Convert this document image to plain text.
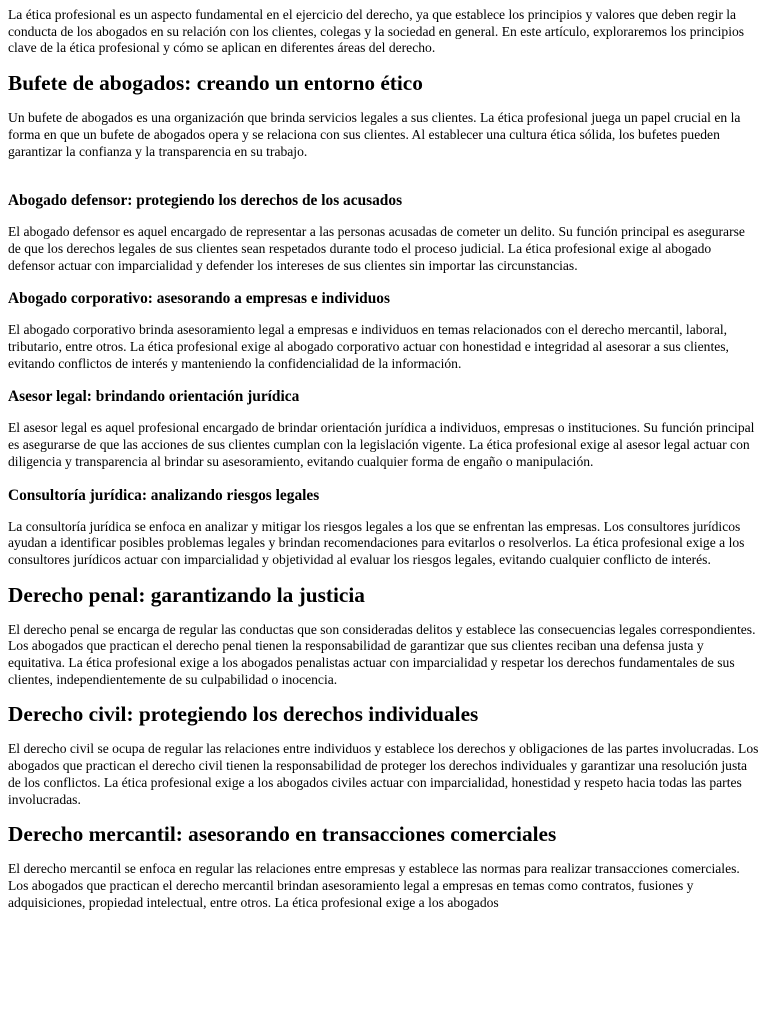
La ética profesional es un aspecto fundamental en el ejercicio del derecho, ya que establece los principios y valores que deben regir la conducta de los abogados en su relación con los clientes, colegas y la sociedad en general. En este artículo, exploraremos los principios clave de la ética profesional y cómo se aplican en diferentes áreas del derecho.

Bufete de abogados: creando un entorno ético

Un bufete de abogados es una organización que brinda servicios legales a sus clientes. La ética profesional juega un papel crucial en la forma en que un bufete de abogados opera y se relaciona con sus clientes. Al establecer una cultura ética sólida, los bufetes pueden garantizar la confianza y la transparencia en su trabajo.

Abogado defensor: protegiendo los derechos de los acusados

El abogado defensor es aquel encargado de representar a las personas acusadas de cometer un delito. Su función principal es asegurarse de que los derechos legales de sus clientes sean respetados durante todo el proceso judicial. La ética profesional exige al abogado defensor actuar con imparcialidad y defender los intereses de sus clientes sin importar las circunstancias.

Abogado corporativo: asesorando a empresas e individuos

El abogado corporativo brinda asesoramiento legal a empresas e individuos en temas relacionados con el derecho mercantil, laboral, tributario, entre otros. La ética profesional exige al abogado corporativo actuar con honestidad e integridad al asesorar a sus clientes, evitando conflictos de interés y manteniendo la confidencialidad de la información.

Asesor legal: brindando orientación jurídica

El asesor legal es aquel profesional encargado de brindar orientación jurídica a individuos, empresas o instituciones. Su función principal es asegurarse de que las acciones de sus clientes cumplan con la legislación vigente. La ética profesional exige al asesor legal actuar con diligencia y transparencia al brindar su asesoramiento, evitando cualquier forma de engaño o manipulación.

Consultoría jurídica: analizando riesgos legales

La consultoría jurídica se enfoca en analizar y mitigar los riesgos legales a los que se enfrentan las empresas. Los consultores jurídicos ayudan a identificar posibles problemas legales y brindan recomendaciones para evitarlos o resolverlos. La ética profesional exige a los consultores jurídicos actuar con imparcialidad y objetividad al evaluar los riesgos legales, evitando cualquier conflicto de interés.

Derecho penal: garantizando la justicia

El derecho penal se encarga de regular las conductas que son consideradas delitos y establece las consecuencias legales correspondientes. Los abogados que practican el derecho penal tienen la responsabilidad de garantizar que sus clientes reciban una defensa justa y equitativa. La ética profesional exige a los abogados penalistas actuar con imparcialidad y respetar los derechos fundamentales de sus clientes, independientemente de su culpabilidad o inocencia.

Derecho civil: protegiendo los derechos individuales

El derecho civil se ocupa de regular las relaciones entre individuos y establece los derechos y obligaciones de las partes involucradas. Los abogados que practican el derecho civil tienen la responsabilidad de proteger los derechos individuales y garantizar una resolución justa de los conflictos. La ética profesional exige a los abogados civiles actuar con imparcialidad, honestidad y respeto hacia todas las partes involucradas.

Derecho mercantil: asesorando en transacciones comerciales

El derecho mercantil se enfoca en regular las relaciones entre empresas y establece las normas para realizar transacciones comerciales. Los abogados que practican el derecho mercantil brindan asesoramiento legal a empresas en temas como contratos, fusiones y adquisiciones, propiedad intelectual, entre otros. La ética profesional exige a los abogados
